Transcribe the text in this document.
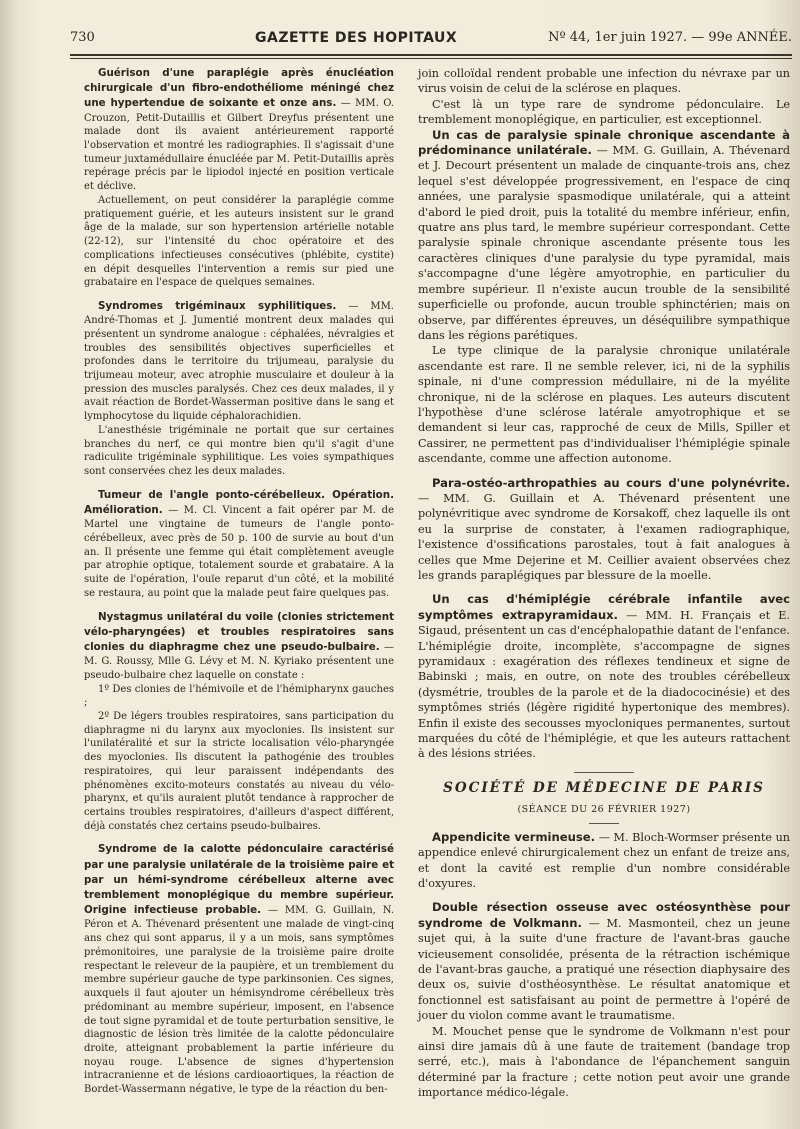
730	GAZETTE DES HOPITAUX	Nº 44, 1er juin 1927. — 99e ANNÉE.

Guérison d'une paraplégie après énucléation chirurgicale d'un fibro-endothéliome méningé chez une hypertendue de soixante et onze ans. — MM. O. Crouzon, Petit-Dutaillis et Gilbert Dreyfus présentent une malade dont ils avaient antérieurement rapporté l'observation et montré les radiographies. Il s'agissait d'une tumeur juxtamédullaire énucléée par M. Petit-Dutaillis après repérage précis par le lipiodol injecté en position verticale et déclive.

Actuellement, on peut considérer la paraplégie comme pratiquement guérie, et les auteurs insistent sur le grand âge de la malade, sur son hypertension artérielle notable (22-12), sur l'intensité du choc opératoire et des complications infectieuses consécutives (phlébite, cystite) en dépit desquelles l'intervention a remis sur pied une grabataire en l'espace de quelques semaines.

Syndromes trigéminaux syphilitiques. — MM. André-Thomas et J. Jumentié montrent deux malades qui présentent un syndrome analogue : céphalées, névralgies et troubles des sensibilités objectives superficielles et profondes dans le territoire du trijumeau, paralysie du trijumeau moteur, avec atrophie musculaire et douleur à la pression des muscles paralysés. Chez ces deux malades, il y avait réaction de Bordet-Wasserman positive dans le sang et lymphocytose du liquide céphalorachidien.

L'anesthésie trigéminale ne portait que sur certaines branches du nerf, ce qui montre bien qu'il s'agit d'une radiculite trigéminale syphilitique. Les voies sympathiques sont conservées chez les deux malades.

Tumeur de l'angle ponto-cérébelleux. Opération. Amélioration. — M. Cl. Vincent a fait opérer par M. de Martel une vingtaine de tumeurs de l'angle ponto-cérébelleux, avec près de 50 p. 100 de survie au bout d'un an. Il présente une femme qui était complètement aveugle par atrophie optique, totalement sourde et grabataire. A la suite de l'opération, l'ouïe reparut d'un côté, et la mobilité se restaura, au point que la malade peut faire quelques pas.

Nystagmus unilatéral du voile (clonies strictement vélo-pharyngées) et troubles respiratoires sans clonies du diaphragme chez une pseudo-bulbaire. — M. G. Roussy, Mlle G. Lévy et M. N. Kyriako présentent une pseudo-bulbaire chez laquelle on constate :

1º Des clonies de l'hémivoile et de l'hémipharynx gauches ;

2º De légers troubles respiratoires, sans participation du diaphragme ni du larynx aux myoclonies. Ils insistent sur l'unilatéralité et sur la stricte localisation vélo-pharyngée des myoclonies. Ils discutent la pathogénie des troubles respiratoires, qui leur paraissent indépendants des phénomènes excito-moteurs constatés au niveau du vélo-pharynx, et qu'ils auraient plutôt tendance à rapprocher de certains troubles respiratoires, d'ailleurs d'aspect différent, déjà constatés chez certains pseudo-bulbaires.

Syndrome de la calotte pédonculaire caractérisé par une paralysie unilatérale de la troisième paire et par un hémi-syndrome cérébelleux alterne avec tremblement monoplégique du membre supérieur. Origine infectieuse probable. — MM. G. Guillain, N. Péron et A. Thévenard présentent une malade de vingt-cinq ans chez qui sont apparus, il y a un mois, sans symptômes prémonitoires, une paralysie de la troisième paire droite respectant le releveur de la paupière, et un tremblement du membre supérieur gauche de type parkinsonien. Ces signes, auxquels il faut ajouter un hémisyndrome cérébelleux très prédominant au membre supérieur, imposent, en l'absence de tout signe pyramidal et de toute perturbation sensitive, le diagnostic de lésion très limitée de la calotte pédonculaire droite, atteignant probablement la partie inférieure du noyau rouge. L'absence de signes d'hypertension intracranienne et de lésions cardioaortiques, la réaction de Bordet-Wassermann négative, le type de la réaction du ben-

join colloïdal rendent probable une infection du névraxe par un virus voisin de celui de la sclérose en plaques.

C'est là un type rare de syndrome pédonculaire. Le tremblement monoplégique, en particulier, est exceptionnel.

Un cas de paralysie spinale chronique ascendante à prédominance unilatérale. — MM. G. Guillain, A. Thévenard et J. Decourt présentent un malade de cinquante-trois ans, chez lequel s'est développée progressivement, en l'espace de cinq années, une paralysie spasmodique unilatérale, qui a atteint d'abord le pied droit, puis la totalité du membre inférieur, enfin, quatre ans plus tard, le membre supérieur correspondant. Cette paralysie spinale chronique ascendante présente tous les caractères cliniques d'une paralysie du type pyramidal, mais s'accompagne d'une légère amyotrophie, en particulier du membre supérieur. Il n'existe aucun trouble de la sensibilité superficielle ou profonde, aucun trouble sphinctérien; mais on observe, par différentes épreuves, un déséquilibre sympathique dans les régions parétiques.

Le type clinique de la paralysie chronique unilatérale ascendante est rare. Il ne semble relever, ici, ni de la syphilis spinale, ni d'une compression médullaire, ni de la myélite chronique, ni de la sclérose en plaques. Les auteurs discutent l'hypothèse d'une sclérose latérale amyotrophique et se demandent si leur cas, rapproché de ceux de Mills, Spiller et Cassirer, ne permettent pas d'individualiser l'hémiplégie spinale ascendante, comme une affection autonome.

Para-ostéo-arthropathies au cours d'une polynévrite. — MM. G. Guillain et A. Thévenard présentent une polynévritique avec syndrome de Korsakoff, chez laquelle ils ont eu la surprise de constater, à l'examen radiographique, l'existence d'ossifications parostales, tout à fait analogues à celles que Mme Dejerine et M. Ceillier avaient observées chez les grands paraplégiques par blessure de la moelle.

Un cas d'hémiplégie cérébrale infantile avec symptômes extrapyramidaux. — MM. H. Français et E. Sigaud, présentent un cas d'encéphalopathie datant de l'enfance. L'hémiplégie droite, incomplète, s'accompagne de signes pyramidaux : exagération des réflexes tendineux et signe de Babinski ; mais, en outre, on note des troubles cérébelleux (dysmétrie, troubles de la parole et de la diadococinésie) et des symptômes striés (légère rigidité hypertonique des membres). Enfin il existe des secousses myocloniques permanentes, surtout marquées du côté de l'hémiplégie, et que les auteurs rattachent à des lésions striées.

SOCIÉTÉ DE MÉDECINE DE PARIS
(SÉANCE DU 26 FÉVRIER 1927)

Appendicite vermineuse. — M. Bloch-Wormser présente un appendice enlevé chirurgicalement chez un enfant de treize ans, et dont la cavité est remplie d'un nombre considérable d'oxyures.

Double résection osseuse avec ostéosynthèse pour syndrome de Volkmann. — M. Masmonteil, chez un jeune sujet qui, à la suite d'une fracture de l'avant-bras gauche vicieusement consolidée, présenta de la rétraction ischémique de l'avant-bras gauche, a pratiqué une résection diaphysaire des deux os, suivie d'osthéosynthèse. Le résultat anatomique et fonctionnel est satisfaisant au point de permettre à l'opéré de jouer du violon comme avant le traumatisme.

M. Mouchet pense que le syndrome de Volkmann n'est pour ainsi dire jamais dû à une faute de traitement (bandage trop serré, etc.), mais à l'abondance de l'épanchement sanguin déterminé par la fracture ; cette notion peut avoir une grande importance médico-légale.
